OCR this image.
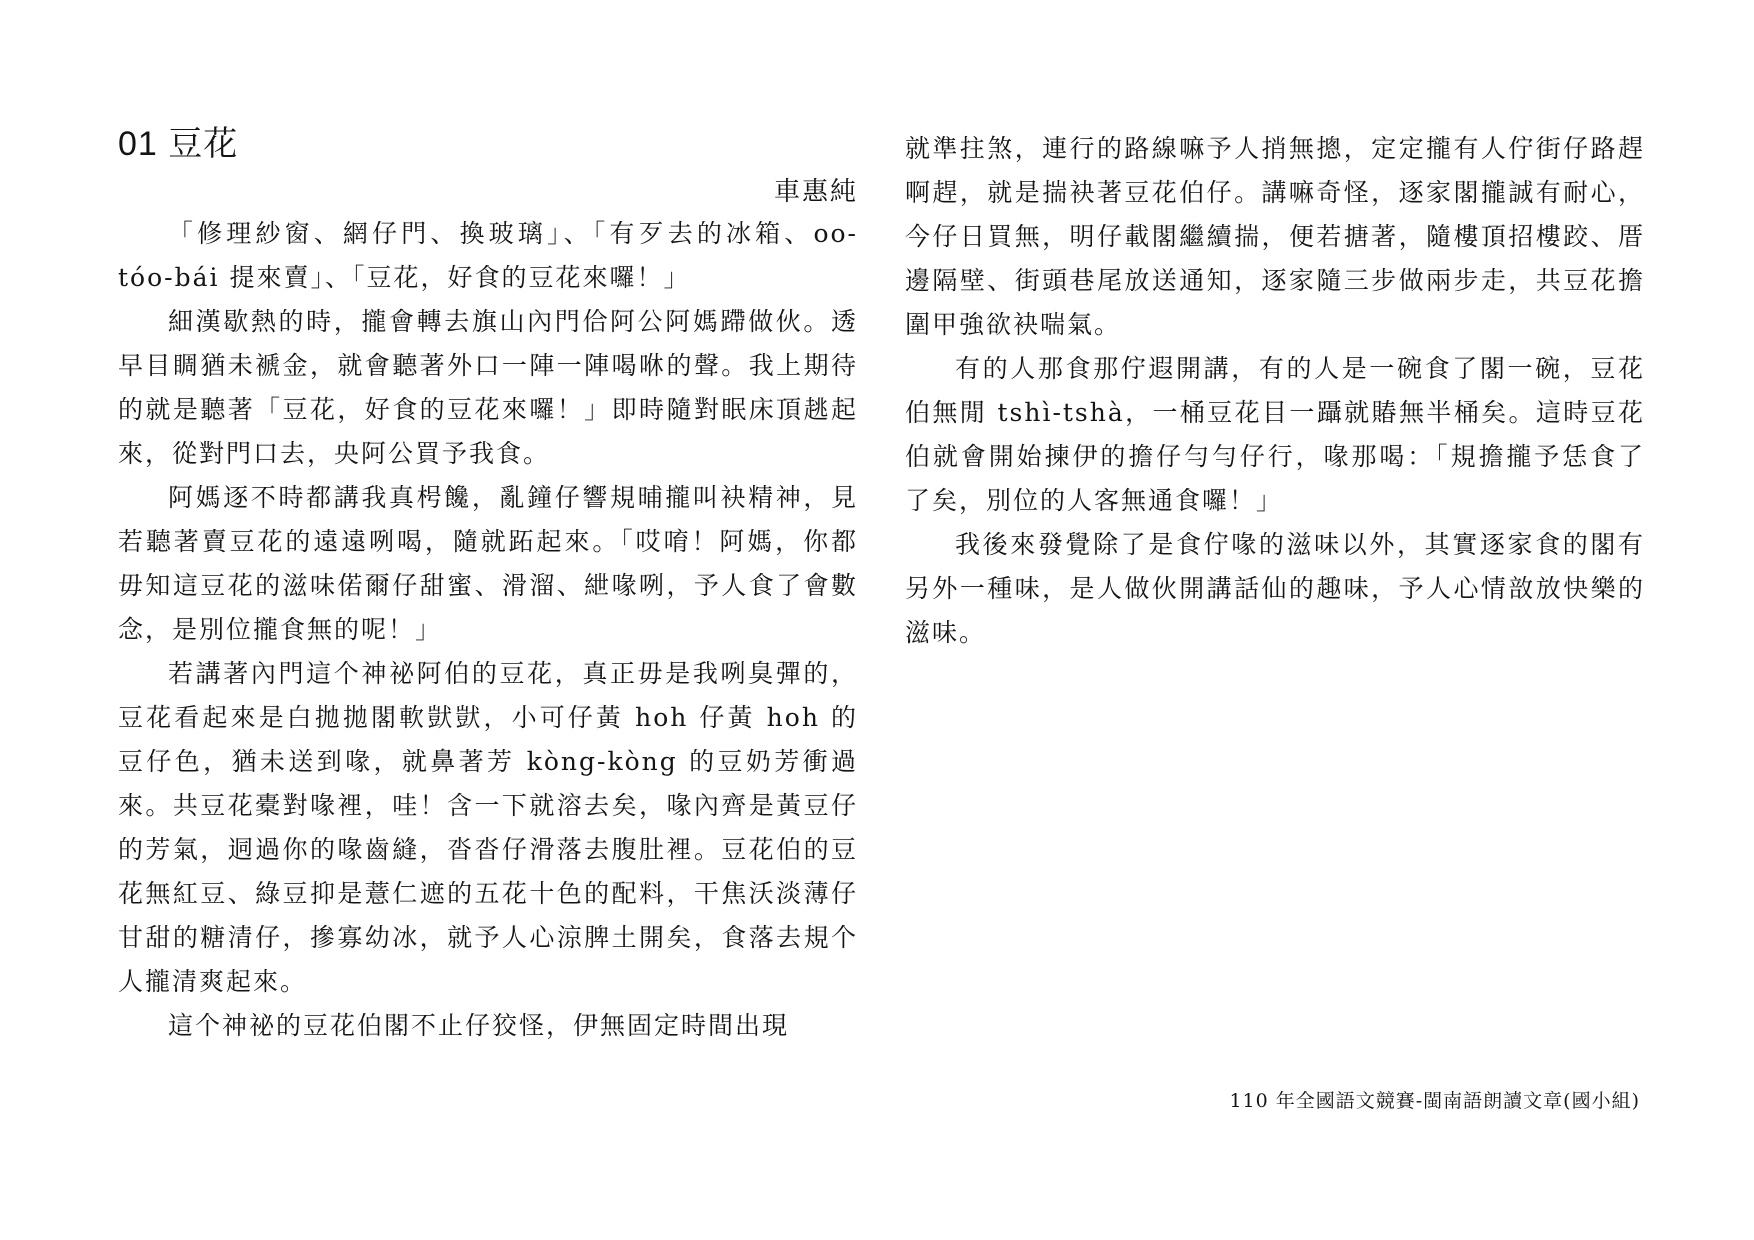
01 豆花

車惠純

「修理紗窗、網仔門、換玻璃」、「有歹去的冰箱、oo-tóo-bái 提來賣」、「豆花，好食的豆花來囉！」

細漢歇熱的時，攏會轉去旗山內門佮阿公阿媽蹛做伙。透早目睭猶未褫金，就會聽著外口一陣一陣喝咻的聲。我上期待的就是聽著「豆花，好食的豆花來囉！」即時隨對眠床頂趒起來，從對門口去，央阿公買予我食。

阿媽逐不時都講我真枵饞，亂鐘仔響規晡攏叫袂精神，見若聽著賣豆花的遠遠咧喝，隨就跖起來。「哎唷！阿媽，你都毋知這豆花的滋味偌爾仔甜蜜、滑溜、紲喙咧，予人食了會數念，是別位攏食無的呢！」

若講著內門這个神祕阿伯的豆花，真正毋是我咧臭彈的，豆花看起來是白拋拋閣軟獃獃，小可仔黃 hoh 仔黃 hoh 的豆仔色，猶未送到喙，就鼻著芳 kòng-kòng 的豆奶芳衝過來。共豆花橐對喙裡，哇！含一下就溶去矣，喙內齊是黃豆仔的芳氣，迵過你的喙齒縫，沓沓仔滑落去腹肚裡。豆花伯的豆花無紅豆、綠豆抑是薏仁遮的五花十色的配料，干焦沃淡薄仔甘甜的糖清仔，摻寡幼冰，就予人心涼脾土開矣，食落去規个人攏清爽起來。

這个神祕的豆花伯閣不止仔狡怪，伊無固定時間出現

就準拄煞，連行的路線嘛予人捎無摠，定定攏有人佇街仔路趕啊趕，就是揣袂著豆花伯仔。講嘛奇怪，逐家閣攏誠有耐心，今仔日買無，明仔載閣繼續揣，便若搪著，隨樓頂招樓跤、厝邊隔壁、街頭巷尾放送通知，逐家隨三步做兩步走，共豆花擔圍甲強欲袂喘氣。

有的人那食那佇遐開講，有的人是一碗食了閣一碗，豆花伯無閒 tshì-tshà，一桶豆花目一躡就賰無半桶矣。這時豆花伯就會開始揀伊的擔仔勻勻仔行，喙那喝：「規擔攏予恁食了了矣，別位的人客無通食囉！」

我後來發覺除了是食佇喙的滋味以外，其實逐家食的閣有另外一種味，是人做伙開講話仙的趣味，予人心情敨放快樂的滋味。

110 年全國語文競賽-閩南語朗讀文章(國小組)
